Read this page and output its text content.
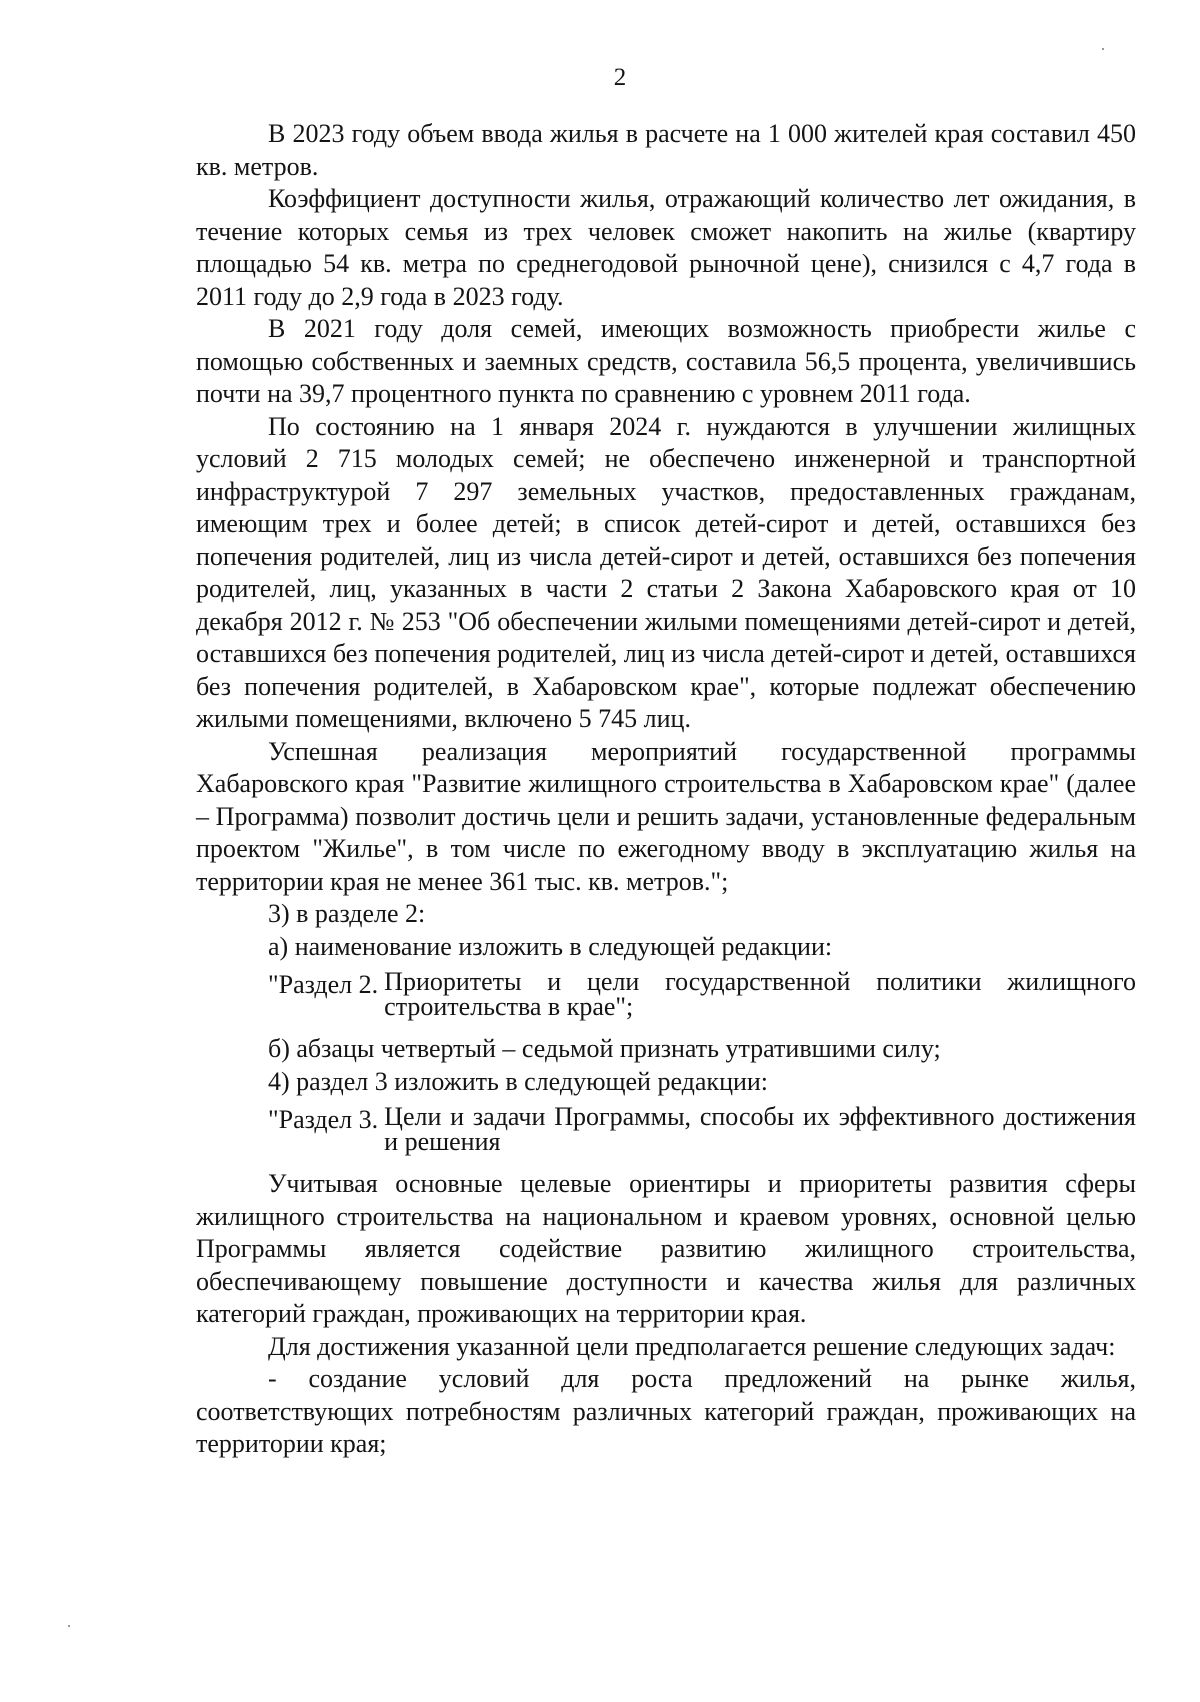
2

В 2023 году объем ввода жилья в расчете на 1 000 жителей края составил 450 кв. метров.

Коэффициент доступности жилья, отражающий количество лет ожидания, в течение которых семья из трех человек сможет накопить на жилье (квартиру площадью 54 кв. метра по среднегодовой рыночной цене), снизился с 4,7 года в 2011 году до 2,9 года в 2023 году.

В 2021 году доля семей, имеющих возможность приобрести жилье с помощью собственных и заемных средств, составила 56,5 процента, увеличившись почти на 39,7 процентного пункта по сравнению с уровнем 2011 года.

По состоянию на 1 января 2024 г. нуждаются в улучшении жилищных условий 2 715 молодых семей; не обеспечено инженерной и транспортной инфраструктурой 7 297 земельных участков, предоставленных гражданам, имеющим трех и более детей; в список детей-сирот и детей, оставшихся без попечения родителей, лиц из числа детей-сирот и детей, оставшихся без попечения родителей, лиц, указанных в части 2 статьи 2 Закона Хабаровского края от 10 декабря 2012 г. № 253 "Об обеспечении жилыми помещениями детей-сирот и детей, оставшихся без попечения родителей, лиц из числа детей-сирот и детей, оставшихся без попечения родителей, в Хабаровском крае", которые подлежат обеспечению жилыми помещениями, включено 5 745 лиц.

Успешная реализация мероприятий государственной программы Хабаровского края "Развитие жилищного строительства в Хабаровском крае" (далее – Программа) позволит достичь цели и решить задачи, установленные федеральным проектом "Жилье", в том числе по ежегодному вводу в эксплуатацию жилья на территории края не менее 361 тыс. кв. метров.";

3) в разделе 2:

а) наименование изложить в следующей редакции:

"Раздел 2. Приоритеты и цели государственной политики жилищного строительства в крае";

б) абзацы четвертый – седьмой признать утратившими силу;

4) раздел 3 изложить в следующей редакции:

"Раздел 3. Цели и задачи Программы, способы их эффективного достижения и решения

Учитывая основные целевые ориентиры и приоритеты развития сферы жилищного строительства на национальном и краевом уровнях, основной целью Программы является содействие развитию жилищного строительства, обеспечивающему повышение доступности и качества жилья для различных категорий граждан, проживающих на территории края.

Для достижения указанной цели предполагается решение следующих задач:

- создание условий для роста предложений на рынке жилья, соответствующих потребностям различных категорий граждан, проживающих на территории края;
